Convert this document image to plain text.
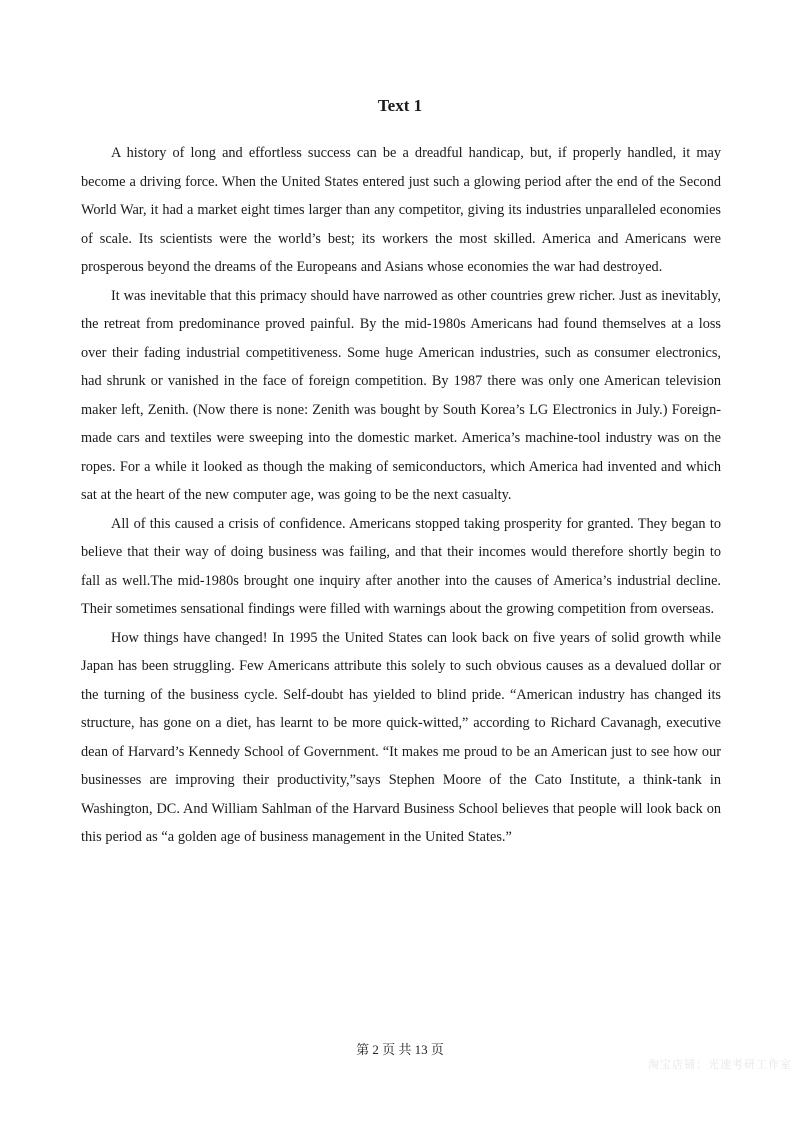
Text 1

A history of long and effortless success can be a dreadful handicap, but, if properly handled, it may become a driving force. When the United States entered just such a glowing period after the end of the Second World War, it had a market eight times larger than any competitor, giving its industries unparalleled economies of scale. Its scientists were the world’s best; its workers the most skilled. America and Americans were prosperous beyond the dreams of the Europeans and Asians whose economies the war had destroyed.

It was inevitable that this primacy should have narrowed as other countries grew richer. Just as inevitably, the retreat from predominance proved painful. By the mid-1980s Americans had found themselves at a loss over their fading industrial competitiveness. Some huge American industries, such as consumer electronics, had shrunk or vanished in the face of foreign competition. By 1987 there was only one American television maker left, Zenith. (Now there is none: Zenith was bought by South Korea’s LG Electronics in July.) Foreign-made cars and textiles were sweeping into the domestic market. America’s machine-tool industry was on the ropes. For a while it looked as though the making of semiconductors, which America had invented and which sat at the heart of the new computer age, was going to be the next casualty.

All of this caused a crisis of confidence. Americans stopped taking prosperity for granted. They began to believe that their way of doing business was failing, and that their incomes would therefore shortly begin to fall as well.The mid-1980s brought one inquiry after another into the causes of America’s industrial decline. Their sometimes sensational findings were filled with warnings about the growing competition from overseas.

How things have changed! In 1995 the United States can look back on five years of solid growth while Japan has been struggling. Few Americans attribute this solely to such obvious causes as a devalued dollar or the turning of the business cycle. Self-doubt has yielded to blind pride. “American industry has changed its structure, has gone on a diet, has learnt to be more quick-witted,” according to Richard Cavanagh, executive dean of Harvard’s Kennedy School of Government. “It makes me proud to be an American just to see how our businesses are improving their productivity,”says Stephen Moore of the Cato Institute, a think-tank in Washington, DC. And William Sahlman of the Harvard Business School believes that people will look back on this period as “a golden age of business management in the United States.”

第 2 页 共 13 页
淘宝店铺：光速考研工作室
